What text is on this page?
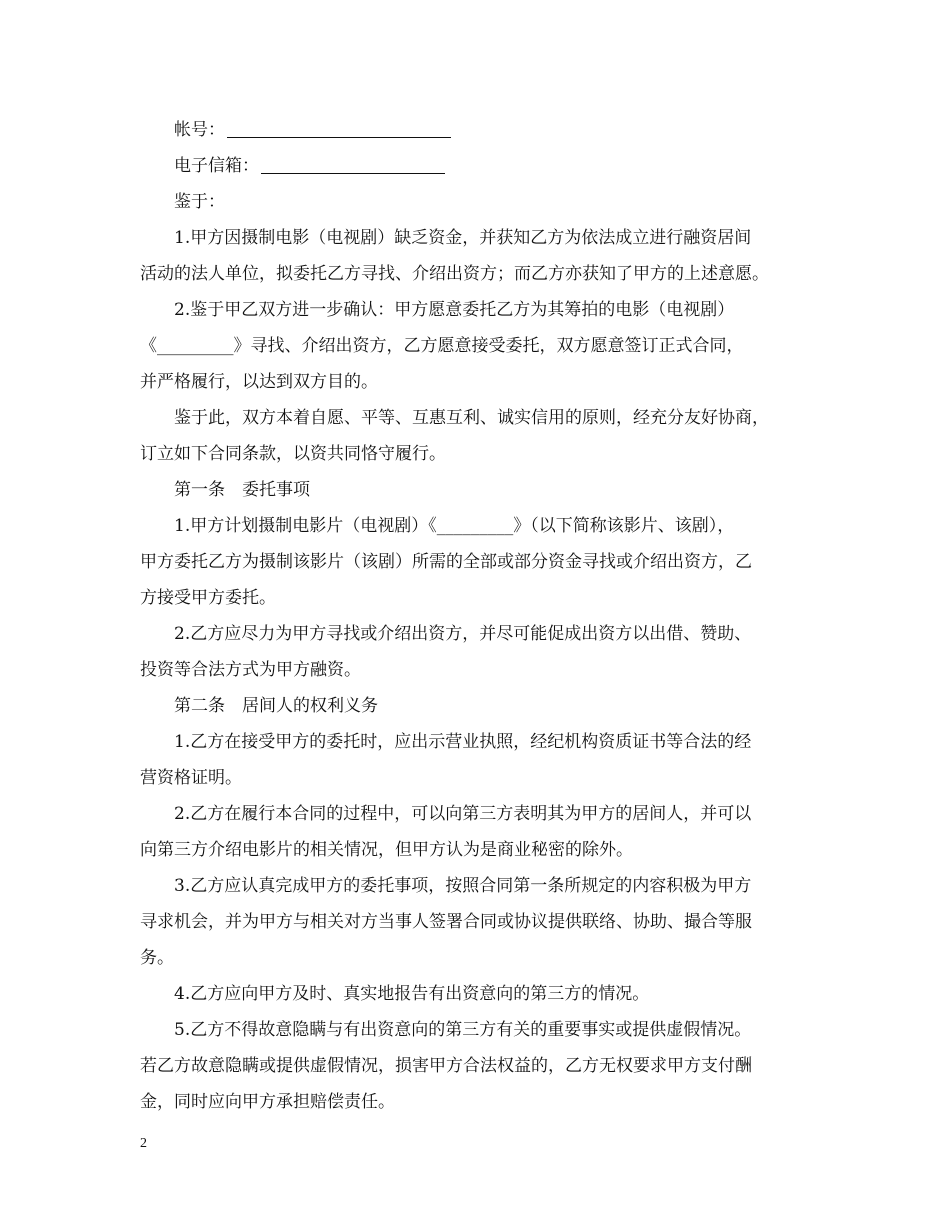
帐号：
电子信箱：
鉴于：
1.甲方因摄制电影（电视剧）缺乏资金，并获知乙方为依法成立进行融资居间
活动的法人单位，拟委托乙方寻找、介绍出资方；而乙方亦获知了甲方的上述意愿。
2.鉴于甲乙双方进一步确认：甲方愿意委托乙方为其筹拍的电影（电视剧）
《_________》寻找、介绍出资方，乙方愿意接受委托，双方愿意签订正式合同，
并严格履行，以达到双方目的。
鉴于此，双方本着自愿、平等、互惠互利、诚实信用的原则，经充分友好协商，
订立如下合同条款，以资共同恪守履行。
第一条　委托事项
1.甲方计划摄制电影片（电视剧）《_________》（以下简称该影片、该剧），
甲方委托乙方为摄制该影片（该剧）所需的全部或部分资金寻找或介绍出资方，乙
方接受甲方委托。
2.乙方应尽力为甲方寻找或介绍出资方，并尽可能促成出资方以出借、赞助、
投资等合法方式为甲方融资。
第二条　居间人的权利义务
1.乙方在接受甲方的委托时，应出示营业执照，经纪机构资质证书等合法的经
营资格证明。
2.乙方在履行本合同的过程中，可以向第三方表明其为甲方的居间人，并可以
向第三方介绍电影片的相关情况，但甲方认为是商业秘密的除外。
3.乙方应认真完成甲方的委托事项，按照合同第一条所规定的内容积极为甲方
寻求机会，并为甲方与相关对方当事人签署合同或协议提供联络、协助、撮合等服
务。
4.乙方应向甲方及时、真实地报告有出资意向的第三方的情况。
5.乙方不得故意隐瞒与有出资意向的第三方有关的重要事实或提供虚假情况。
若乙方故意隐瞒或提供虚假情况，损害甲方合法权益的，乙方无权要求甲方支付酬
金，同时应向甲方承担赔偿责任。
2
